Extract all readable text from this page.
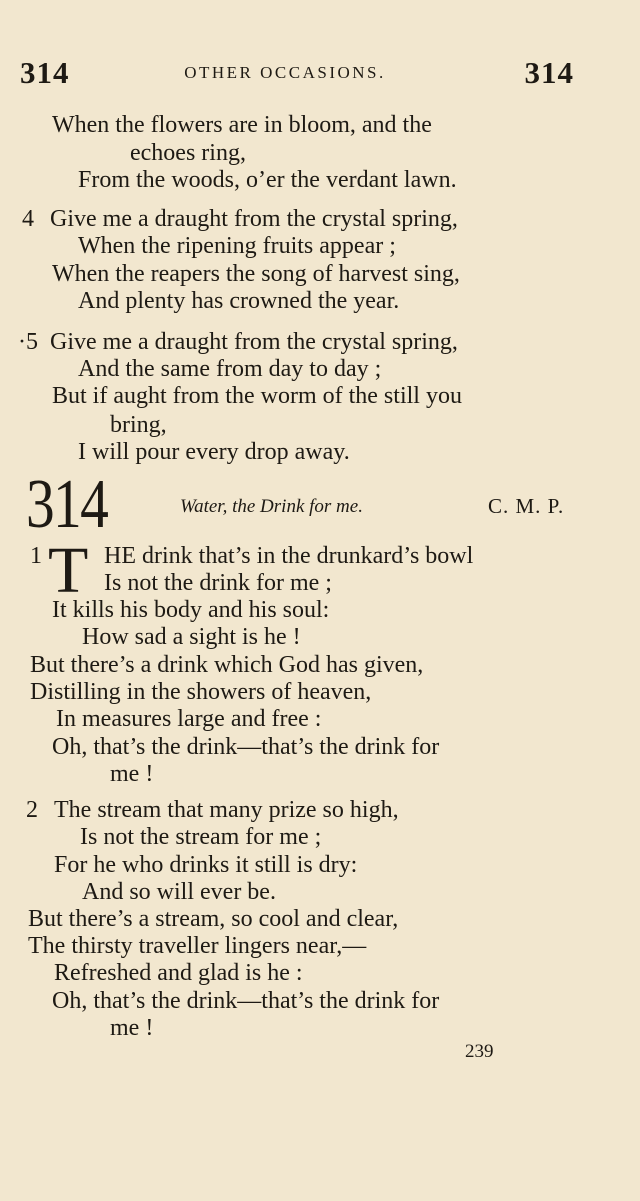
314	OTHER OCCASIONS.	314
When the flowers are in bloom, and the
echoes ring,
From the woods, o’er the verdant lawn.
4 Give me a draught from the crystal spring,
When the ripening fruits appear ;
When the reapers the song of harvest sing,
And plenty has crowned the year.
·5 Give me a draught from the crystal spring,
And the same from day to day ;
But if aught from the worm of the still you
bring,
I will pour every drop away.
314	Water, the Drink for me.	C. M. P.
1 T HE drink that’s in the drunkard’s bowl
Is not the drink for me ;
It kills his body and his soul:
How sad a sight is he !
But there’s a drink which God has given,
Distilling in the showers of heaven,
In measures large and free :
Oh, that’s the drink—that’s the drink for
me !
2 The stream that many prize so high,
Is not the stream for me ;
For he who drinks it still is dry:
And so will ever be.
But there’s a stream, so cool and clear,
The thirsty traveller lingers near,—
Refreshed and glad is he :
Oh, that’s the drink—that’s the drink for
me !
239
